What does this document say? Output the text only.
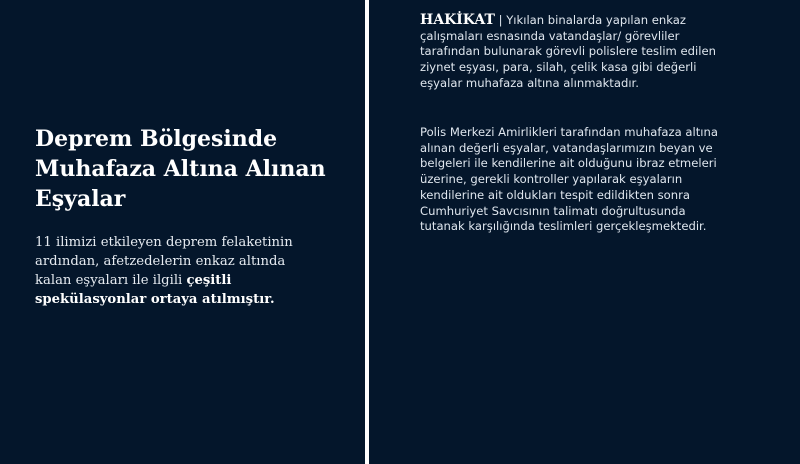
Deprem Bölgesinde Muhafaza Altına Alınan Eşyalar

11 ilimizi etkileyen deprem felaketinin ardından, afetzedelerin enkaz altında kalan eşyaları ile ilgili çeşitli spekülasyonlar ortaya atılmıştır.

HAKİKAT | Yıkılan binalarda yapılan enkaz çalışmaları esnasında vatandaşlar/ görevliler tarafından bulunarak görevli polislere teslim edilen ziynet eşyası, para, silah, çelik kasa gibi değerli eşyalar muhafaza altına alınmaktadır.

Polis Merkezi Amirlikleri tarafından muhafaza altına alınan değerli eşyalar, vatandaşlarımızın beyan ve belgeleri ile kendilerine ait olduğunu ibraz etmeleri üzerine, gerekli kontroller yapılarak eşyaların kendilerine ait oldukları tespit edildikten sonra Cumhuriyet Savcısının talimatı doğrultusunda tutanak karşılığında teslimleri gerçekleşmektedir.
